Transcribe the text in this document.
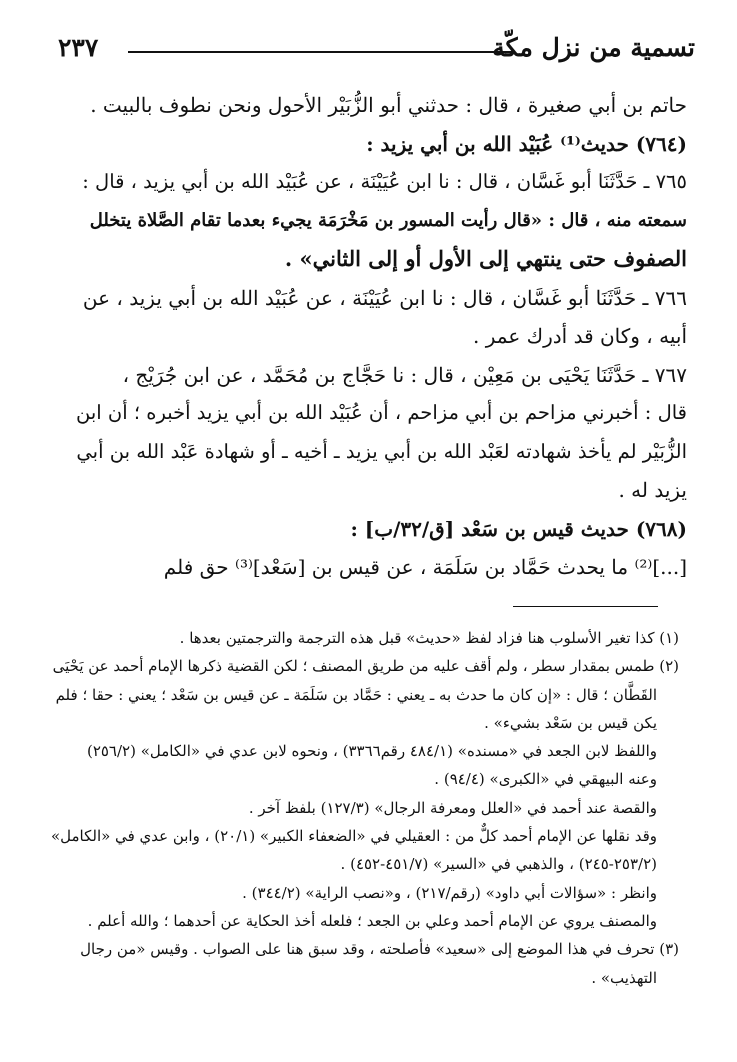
تسمية من نزل مكّة
٢٣٧
حاتم بن أبي صغيرة ، قال : حدثني أبو الزُّبَيْر الأحول ونحن نطوف بالبيت .
(٧٦٤) حديث⁽¹⁾ عُبَيْد الله بن أبي يزيد :
٧٦٥ ـ حَدَّثَنَا أبو غَسَّان ، قال : نا ابن عُيَيْنَة ، عن عُبَيْد الله بن أبي يزيد ، قال :
سمعته منه ، قال : «قال رأيت المسور بن مَخْرَمَة يجيء بعدما تقام الصَّلاة يتخلل
الصفوف حتى ينتهي إلى الأول أو إلى الثاني» .
٧٦٦ ـ حَدَّثَنَا أبو غَسَّان ، قال : نا ابن عُيَيْنَة ، عن عُبَيْد الله بن أبي يزيد ، عن
أبيه ، وكان قد أدرك عمر .
٧٦٧ ـ حَدَّثَنَا يَحْيَى بن مَعِيْن ، قال : نا حَجَّاج بن مُحَمَّد ، عن ابن جُرَيْج ،
قال : أخبرني مزاحم بن أبي مزاحم ، أن عُبَيْد الله بن أبي يزيد أخبره ؛ أن ابن
الزُّبَيْر لم يأخذ شهادته لعَبْد الله بن أبي يزيد ـ أخيه ـ أو شهادة عَبْد الله بن أبي
يزيد له .
(٧٦٨) حديث قيس بن سَعْد [ق/٣٢/ب] :
[...]⁽²⁾ ما يحدث حَمَّاد بن سَلَمَة ، عن قيس بن [سَعْد]⁽³⁾ حق فلم
(١) كذا تغير الأسلوب هنا فزاد لفظ «حديث» قبل هذه الترجمة والترجمتين بعدها .
(٢) طمس بمقدار سطر ، ولم أقف عليه من طريق المصنف ؛ لكن القضية ذكرها الإمام أحمد عن يَحْيَى
القَطَّان ؛ قال : «إن كان ما حدث به ـ يعني : حَمَّاد بن سَلَمَة ـ عن قيس بن سَعْد ؛ يعني : حقا ؛ فلم
يكن قيس بن سَعْد بشيء» .
واللفظ لابن الجعد في «مسنده» (٤٨٤/١ رقم٣٣٦٦) ، ونحوه لابن عدي في «الكامل» (٢٥٦/٢)
وعنه البيهقي في «الكبرى» (٩٤/٤) .
والقصة عند أحمد في «العلل ومعرفة الرجال» (١٢٧/٣) بلفظ آخر .
وقد نقلها عن الإمام أحمد كلٌّ من : العقيلي في «الضعفاء الكبير» (٢٠/١) ، وابن عدي في «الكامل»
(٢٥٣/٢-٢٤٥) ، والذهبي في «السير» (٤٥١/٧-٤٥٢) .
وانظر : «سؤالات أبي داود» (رقم/٢١٧) ، و«نصب الراية» (٣٤٤/٢) .
والمصنف يروي عن الإمام أحمد وعلي بن الجعد ؛ فلعله أخذ الحكاية عن أحدهما ؛ والله أعلم .
(٣) تحرف في هذا الموضع إلى «سعيد» فأصلحته ، وقد سبق هنا على الصواب . وقيس «من رجال
التهذيب» .
